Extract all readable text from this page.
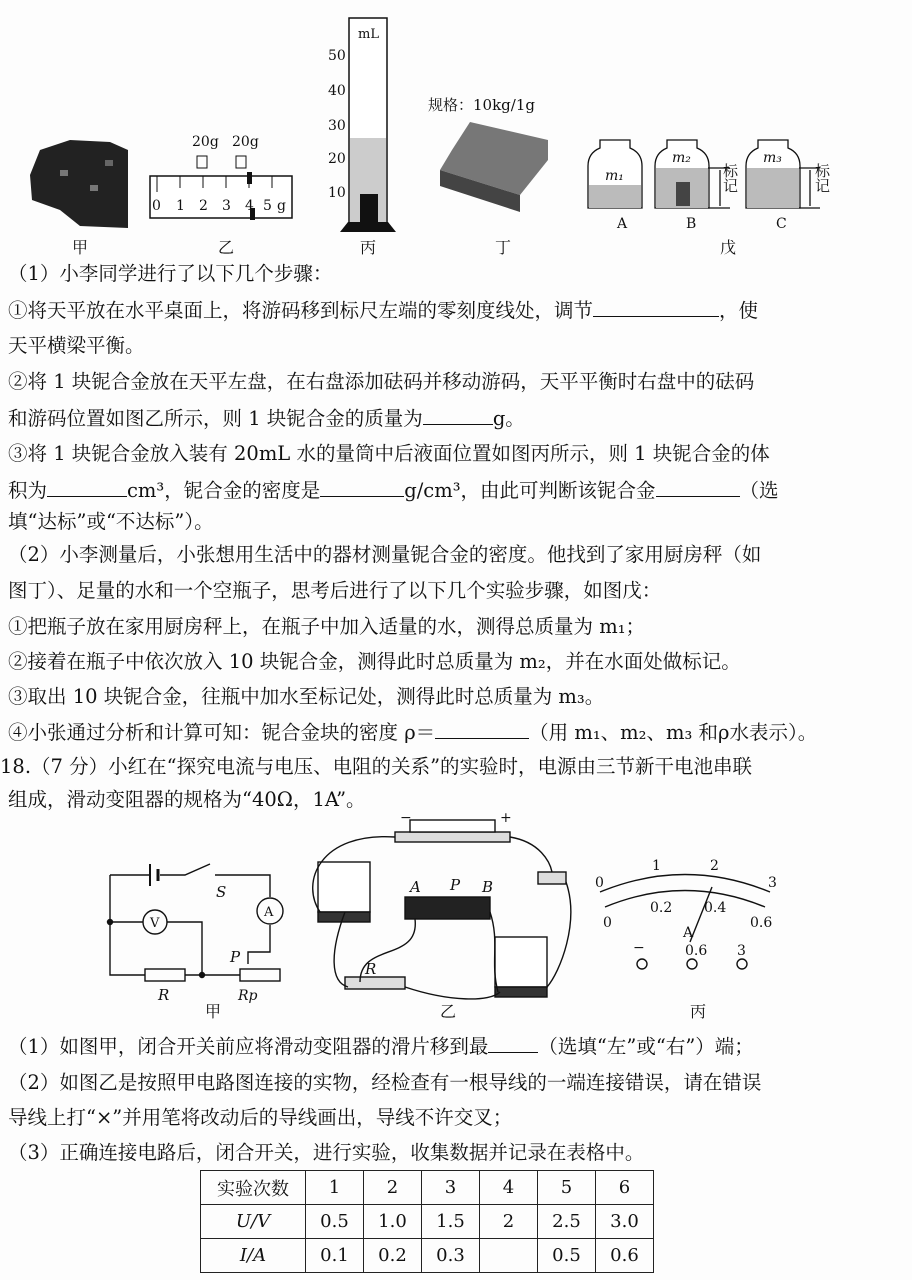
20g 20g
0 1 2 3 4 5 g
mL
50
40
30
20
10
规格：10kg/1g
m₁
m₂	m₃
标记	标记
A	B	C
甲	乙	丙	丁	戊
（1）小李同学进行了以下几个步骤：
①将天平放在水平桌面上，将游码移到标尺左端的零刻度线处，调节	，使
天平横梁平衡。
②将 1 块铌合金放在天平左盘，在右盘添加砝码并移动游码，天平平衡时右盘中的砝码
和游码位置如图乙所示，则 1 块铌合金的质量为	g。
③将 1 块铌合金放入装有 20mL 水的量筒中后液面位置如图丙所示，则 1 块铌合金的体
积为	cm³，铌合金的密度是	g/cm³，由此可判断该铌合金	（选
填“达标”或“不达标”）。
（2）小李测量后，小张想用生活中的器材测量铌合金的密度。他找到了家用厨房秤（如
图丁）、足量的水和一个空瓶子，思考后进行了以下几个实验步骤，如图戊：
①把瓶子放在家用厨房秤上，在瓶子中加入适量的水，测得总质量为 m₁；
②接着在瓶子中依次放入 10 块铌合金，测得此时总质量为 m₂，并在水面处做标记。
③取出 10 块铌合金，往瓶中加水至标记处，测得此时总质量为 m₃。
④小张通过分析和计算可知：铌合金块的密度 ρ＝	（用 m₁、m₂、m₃ 和ρ水表示）。
18.（7 分）小红在“探究电流与电压、电阻的关系”的实验时，电源由三节新干电池串联
组成，滑动变阻器的规格为“40Ω，1A”。
S
A
V
R
P
Rp
甲
−	+
A P B
R
乙
0
1	2
3
0
0.2 0.4
0.6
A
−	0.6 3
丙
（1）如图甲，闭合开关前应将滑动变阻器的滑片移到最	（选填“左”或“右”）端；
（2）如图乙是按照甲电路图连接的实物，经检查有一根导线的一端连接错误，请在错误
导线上打“×”并用笔将改动后的导线画出，导线不许交叉；
（3）正确连接电路后，闭合开关，进行实验，收集数据并记录在表格中。
实验次数	1	2	3	4	5	6
U/V	0.5	1.0	1.5	2	2.5	3.0
I/A	0.1	0.2	0.3		0.5	0.6
